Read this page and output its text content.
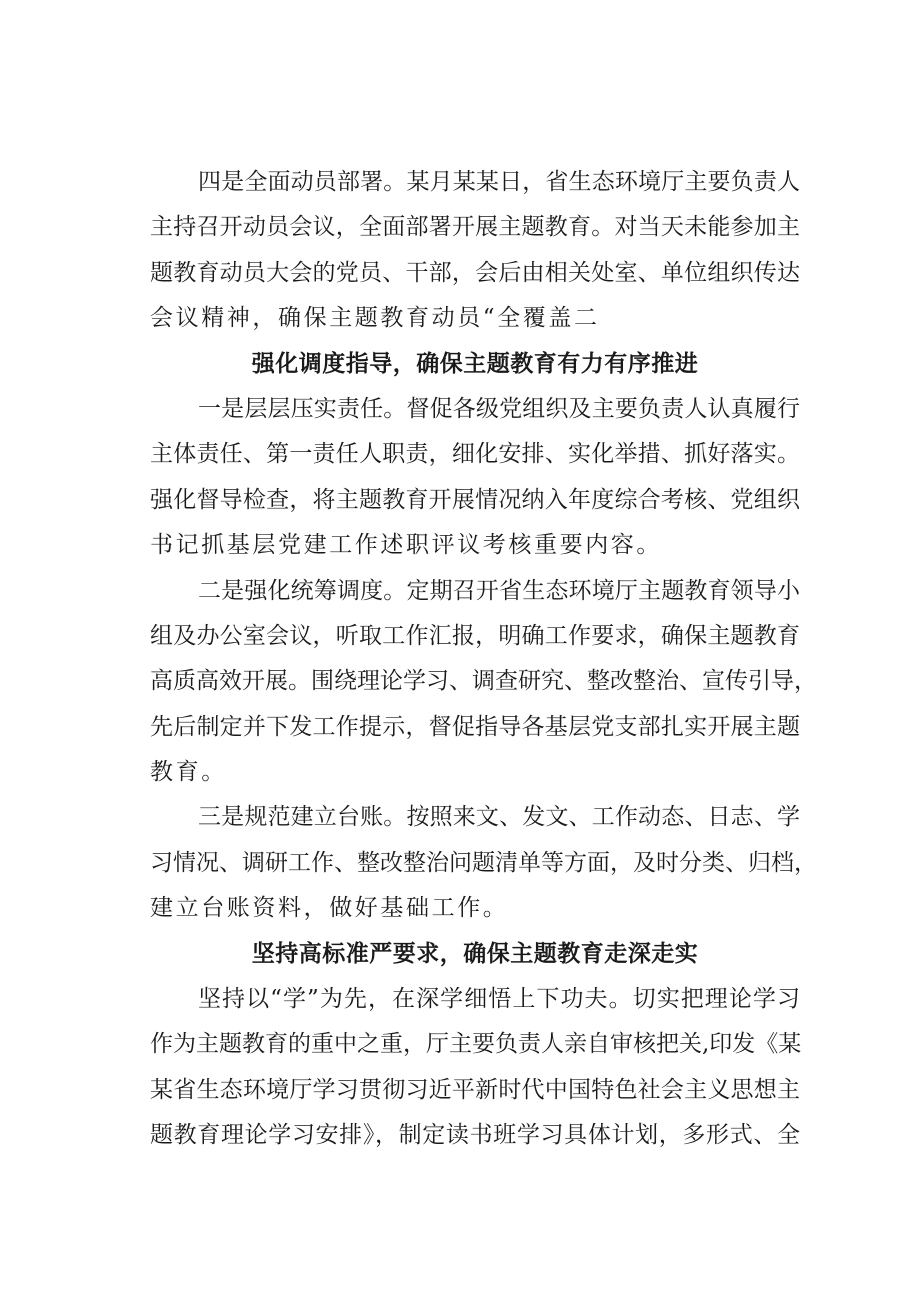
四是全面动员部署。某月某某日，省生态环境厅主要负责人
主持召开动员会议，全面部署开展主题教育。对当天未能参加主
题教育动员大会的党员、干部，会后由相关处室、单位组织传达
会议精神，确保主题教育动员“全覆盖二
强化调度指导，确保主题教育有力有序推进
一是层层压实责任。督促各级党组织及主要负责人认真履行
主体责任、第一责任人职责，细化安排、实化举措、抓好落实。
强化督导检查，将主题教育开展情况纳入年度综合考核、党组织
书记抓基层党建工作述职评议考核重要内容。
二是强化统筹调度。定期召开省生态环境厅主题教育领导小
组及办公室会议，听取工作汇报，明确工作要求，确保主题教育
高质高效开展。围绕理论学习、调查研究、整改整治、宣传引导，
先后制定并下发工作提示，督促指导各基层党支部扎实开展主题
教育。
三是规范建立台账。按照来文、发文、工作动态、日志、学
习情况、调研工作、整改整治问题清单等方面，及时分类、归档，
建立台账资料，做好基础工作。
坚持高标准严要求，确保主题教育走深走实
坚持以“学”为先，在深学细悟上下功夫。切实把理论学习
作为主题教育的重中之重，厅主要负责人亲自审核把关,印发《某
某省生态环境厅学习贯彻习近平新时代中国特色社会主义思想主
题教育理论学习安排》，制定读书班学习具体计划，多形式、全
